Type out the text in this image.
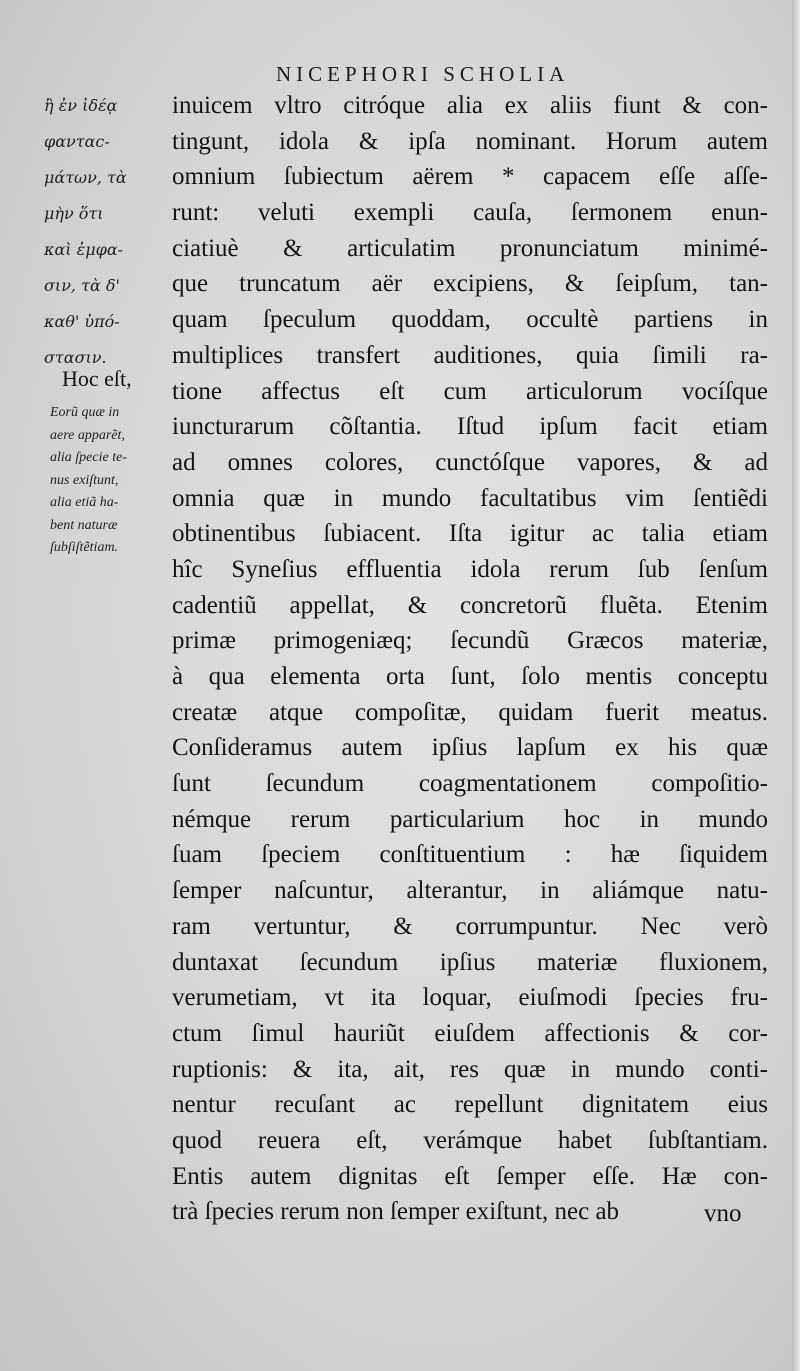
NICEPHORI SCHOLIA
ἢ ἐν ἰδέᾳ
φανταϲ-
μάτων, τὰ
μὴν ὅτι
καὶ ἐμφα-
σιν, τὰ δ'
καθ' ὑπό-
στασιν.
Hoc eſt,
Eorũ quæ in
aere apparẽt,
alia ſpecie te-
nus exiſtunt,
alia etiã ha-
bent naturæ
ſubſiſtẽtiam.
inuicem vltro citróque alia ex aliis fiunt & con-
tingunt, idola & ipſa nominant. Horum autem
omnium ſubiectum aërem * capacem eſſe aſſe-
runt: veluti exempli cauſa, ſermonem enun-
ciatiuè & articulatim pronunciatum minimé-
que truncatum aër excipiens, & ſeipſum, tan-
quam ſpeculum quoddam, occultè partiens in
multiplices transfert auditiones, quia ſimili ra-
tione affectus eſt cum articulorum vocíſque
iuncturarum cõſtantia. Iſtud ipſum facit etiam
ad omnes colores, cunctóſque vapores, & ad
omnia quæ in mundo facultatibus vim ſentiẽdi
obtinentibus ſubiacent. Iſta igitur ac talia etiam
hîc Syneſius effluentia idola rerum ſub ſenſum
cadentiũ appellat, & concretorũ fluẽta. Etenim
primæ primogeniæq; ſecundũ Græcos materiæ,
à qua elementa orta ſunt, ſolo mentis conceptu
creatæ atque compoſitæ, quidam fuerit meatus.
Conſideramus autem ipſius lapſum ex his quæ
ſunt ſecundum coagmentationem compoſitio-
némque rerum particularium hoc in mundo
ſuam ſpeciem conſtituentium : hæ ſiquidem
ſemper naſcuntur, alterantur, in aliámque natu-
ram vertuntur, & corrumpuntur. Nec verò
duntaxat ſecundum ipſius materiæ fluxionem,
verumetiam, vt ita loquar, eiuſmodi ſpecies fru-
ctum ſimul hauriũt eiuſdem affectionis & cor-
ruptionis: & ita, ait, res quæ in mundo conti-
nentur recuſant ac repellunt dignitatem eius
quod reuera eſt, verámque habet ſubſtantiam.
Entis autem dignitas eſt ſemper eſſe. Hæ con-
trà ſpecies rerum non ſemper exiſtunt, nec ab	vno
